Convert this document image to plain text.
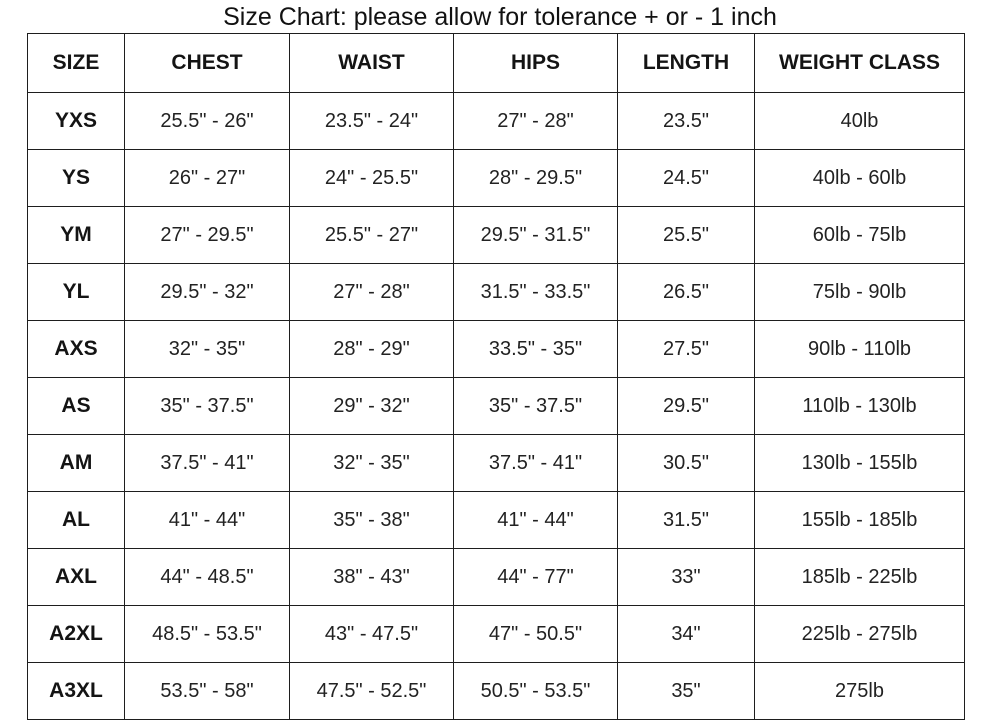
Size Chart: please allow for tolerance + or - 1 inch
SIZE	CHEST	WAIST	HIPS	LENGTH	WEIGHT CLASS
YXS	25.5" - 26"	23.5" - 24"	27" - 28"	23.5"	40lb
YS	26" - 27"	24" - 25.5"	28" - 29.5"	24.5"	40lb - 60lb
YM	27" - 29.5"	25.5" - 27"	29.5" - 31.5"	25.5"	60lb - 75lb
YL	29.5" - 32"	27" - 28"	31.5" - 33.5"	26.5"	75lb - 90lb
AXS	32" - 35"	28" - 29"	33.5" - 35"	27.5"	90lb - 110lb
AS	35" - 37.5"	29" - 32"	35" - 37.5"	29.5"	110lb - 130lb
AM	37.5" - 41"	32" - 35"	37.5" - 41"	30.5"	130lb - 155lb
AL	41" - 44"	35" - 38"	41" - 44"	31.5"	155lb - 185lb
AXL	44" - 48.5"	38" - 43"	44" - 77"	33"	185lb - 225lb
A2XL	48.5" - 53.5"	43" - 47.5"	47" - 50.5"	34"	225lb - 275lb
A3XL	53.5" - 58"	47.5" - 52.5"	50.5" - 53.5"	35"	275lb
